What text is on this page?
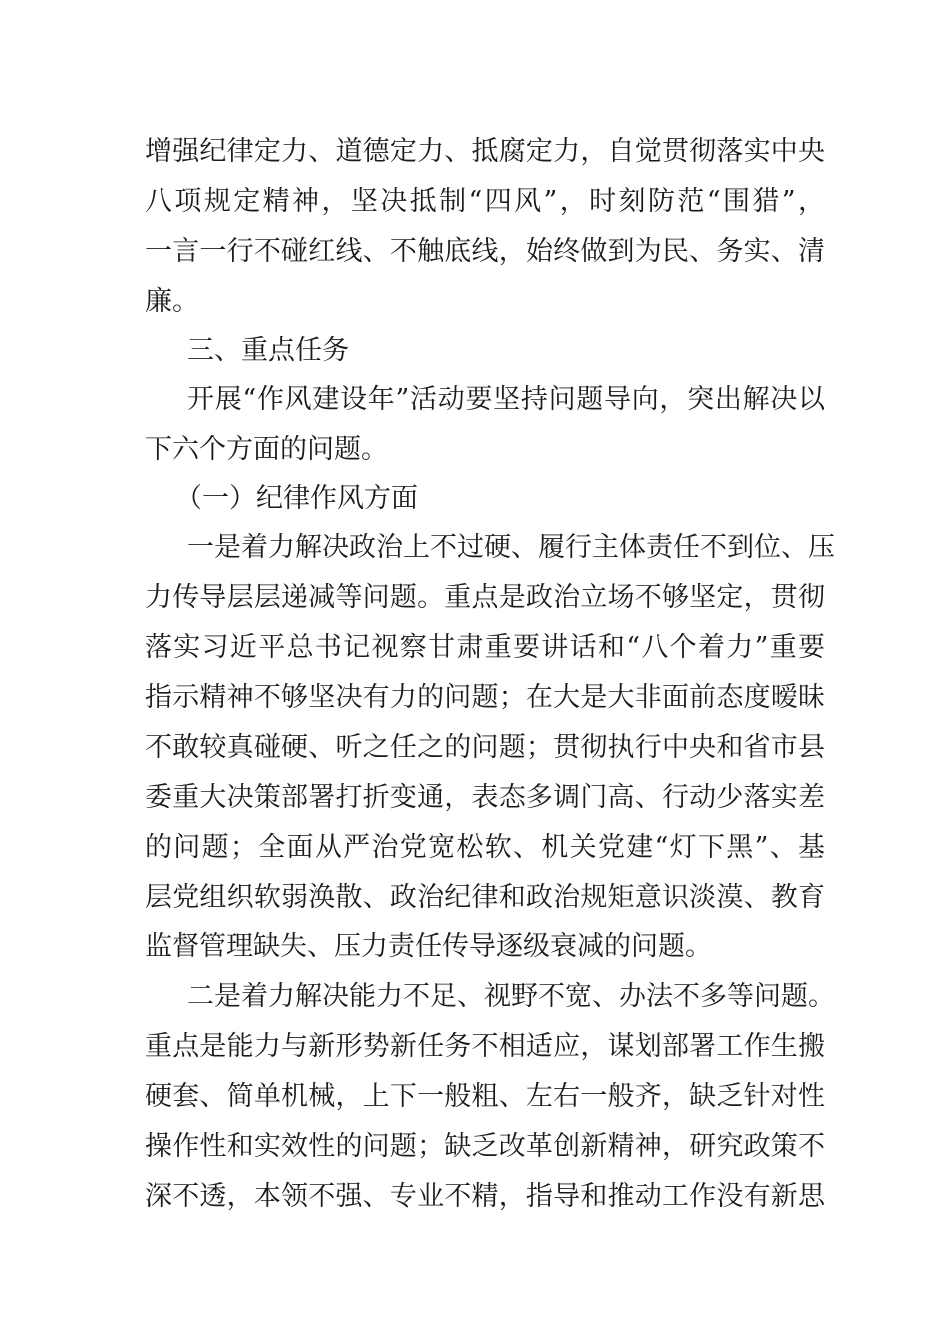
增强纪律定力、道德定力、抵腐定力，自觉贯彻落实中央
八项规定精神，坚决抵制“四风”，时刻防范“围猎”，
一言一行不碰红线、不触底线，始终做到为民、务实、清
廉。
三、重点任务
开展“作风建设年”活动要坚持问题导向，突出解决以
下六个方面的问题。
（一）纪律作风方面
一是着力解决政治上不过硬、履行主体责任不到位、压
力传导层层递减等问题。重点是政治立场不够坚定，贯彻
落实习近平总书记视察甘肃重要讲话和“八个着力”重要
指示精神不够坚决有力的问题；在大是大非面前态度暧昧
不敢较真碰硬、听之任之的问题；贯彻执行中央和省市县
委重大决策部署打折变通，表态多调门高、行动少落实差
的问题；全面从严治党宽松软、机关党建“灯下黑”、基
层党组织软弱涣散、政治纪律和政治规矩意识淡漠、教育
监督管理缺失、压力责任传导逐级衰减的问题。
二是着力解决能力不足、视野不宽、办法不多等问题。
重点是能力与新形势新任务不相适应，谋划部署工作生搬
硬套、简单机械，上下一般粗、左右一般齐，缺乏针对性
操作性和实效性的问题；缺乏改革创新精神，研究政策不
深不透，本领不强、专业不精，指导和推动工作没有新思
